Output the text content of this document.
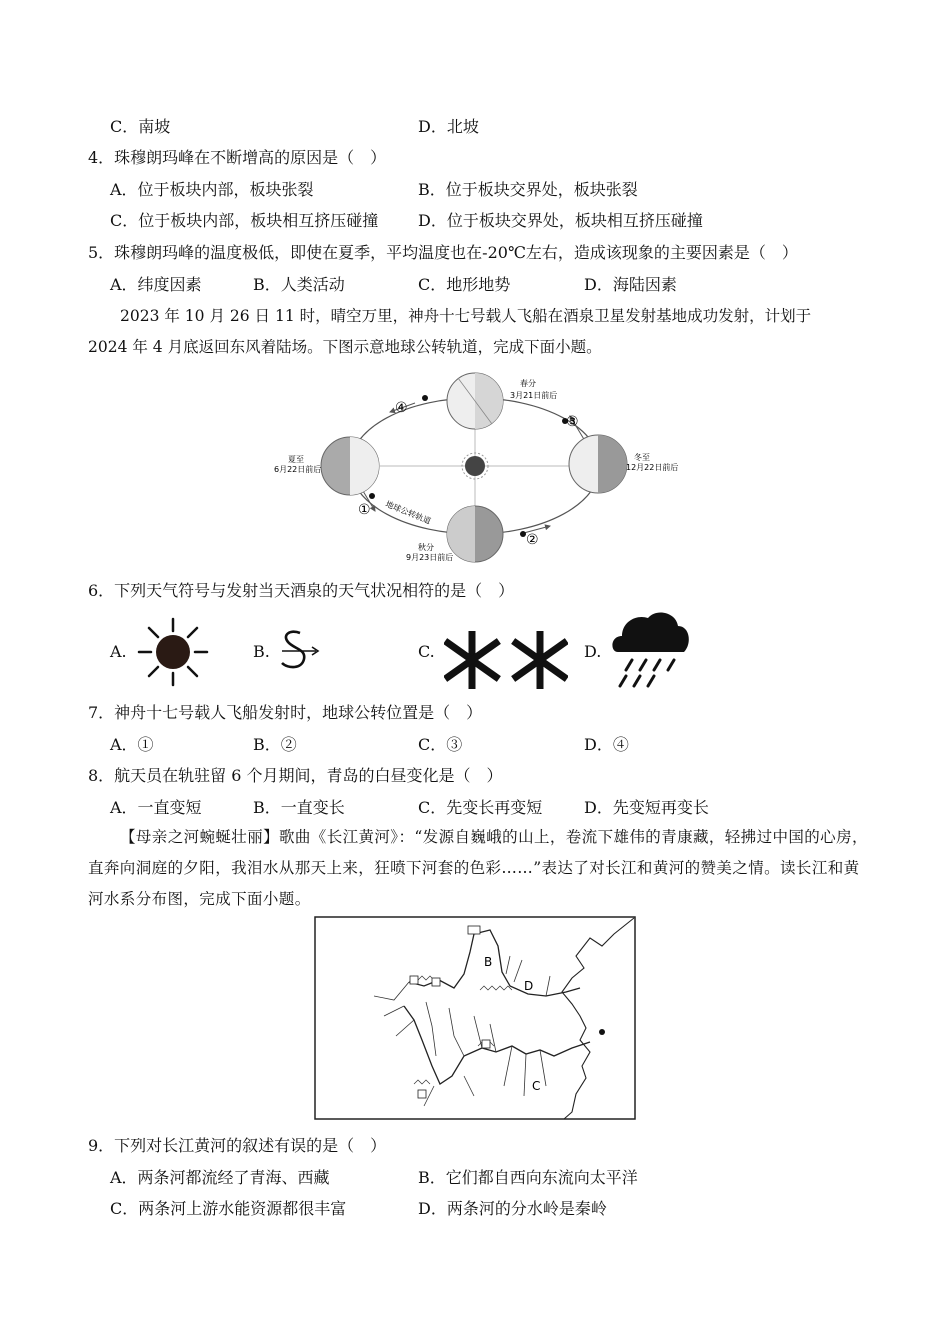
C．南坡	D．北坡
4．珠穆朗玛峰在不断增高的原因是（　）
A．位于板块内部，板块张裂	B．位于板块交界处，板块张裂
C．位于板块内部，板块相互挤压碰撞 D．位于板块交界处，板块相互挤压碰撞
5．珠穆朗玛峰的温度极低，即使在夏季，平均温度也在-20℃左右，造成该现象的主要因素是（　）
A．纬度因素	B．人类活动	C．地形地势	D．海陆因素
2023 年 10 月 26 日 11 时，晴空万里，神舟十七号载人飞船在酒泉卫星发射基地成功发射，计划于
2024 年 4 月底返回东风着陆场。下图示意地球公转轨道，完成下面小题。
①
②
③
④
春分
3月21日前后
夏至
6月22日前后
冬至
12月22日前后
秋分
9月23日前后
地球公转轨道
6．下列天气符号与发射当天酒泉的天气状况相符的是（　）
A.	B.	C.	D.
7．神舟十七号载人飞船发射时，地球公转位置是（　）
A．①	B．②	C．③	D．④
8．航天员在轨驻留 6 个月期间，青岛的白昼变化是（　）
A．一直变短	B．一直变长	C．先变长再变短	D．先变短再变长
【母亲之河蜿蜒壮丽】歌曲《长江黄河》：“发源自巍峨的山上，卷流下雄伟的青康藏，轻拂过中国的心房，直奔向洞庭的夕阳，我泪水从那天上来，狂喷下河套的色彩……”表达了对长江和黄河的赞美之情。读长江和黄河水系分布图，完成下面小题。
B
C
D
9．下列对长江黄河的叙述有误的是（　）
A．两条河都流经了青海、西藏	B．它们都自西向东流向太平洋
C．两条河上游水能资源都很丰富	D．两条河的分水岭是秦岭
